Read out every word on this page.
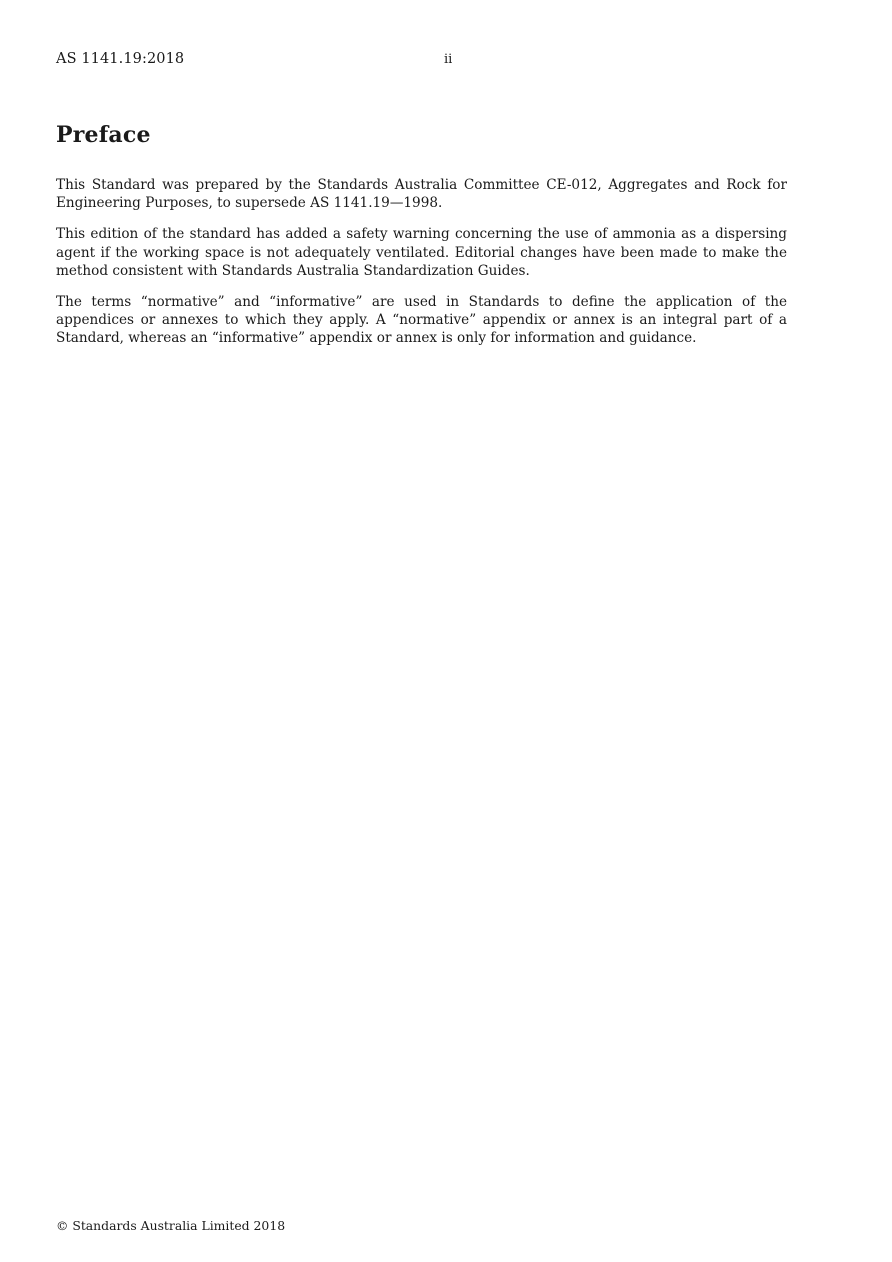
AS 1141.19:2018	ii
Preface

This Standard was prepared by the Standards Australia Committee CE-012, Aggregates and Rock for Engineering Purposes, to supersede AS 1141.19—1998.

This edition of the standard has added a safety warning concerning the use of ammonia as a dispersing agent if the working space is not adequately ventilated. Editorial changes have been made to make the method consistent with Standards Australia Standardization Guides.

The terms “normative” and “informative” are used in Standards to define the application of the appendices or annexes to which they apply. A “normative” appendix or annex is an integral part of a Standard, whereas an “informative” appendix or annex is only for information and guidance.

© Standards Australia Limited 2018
